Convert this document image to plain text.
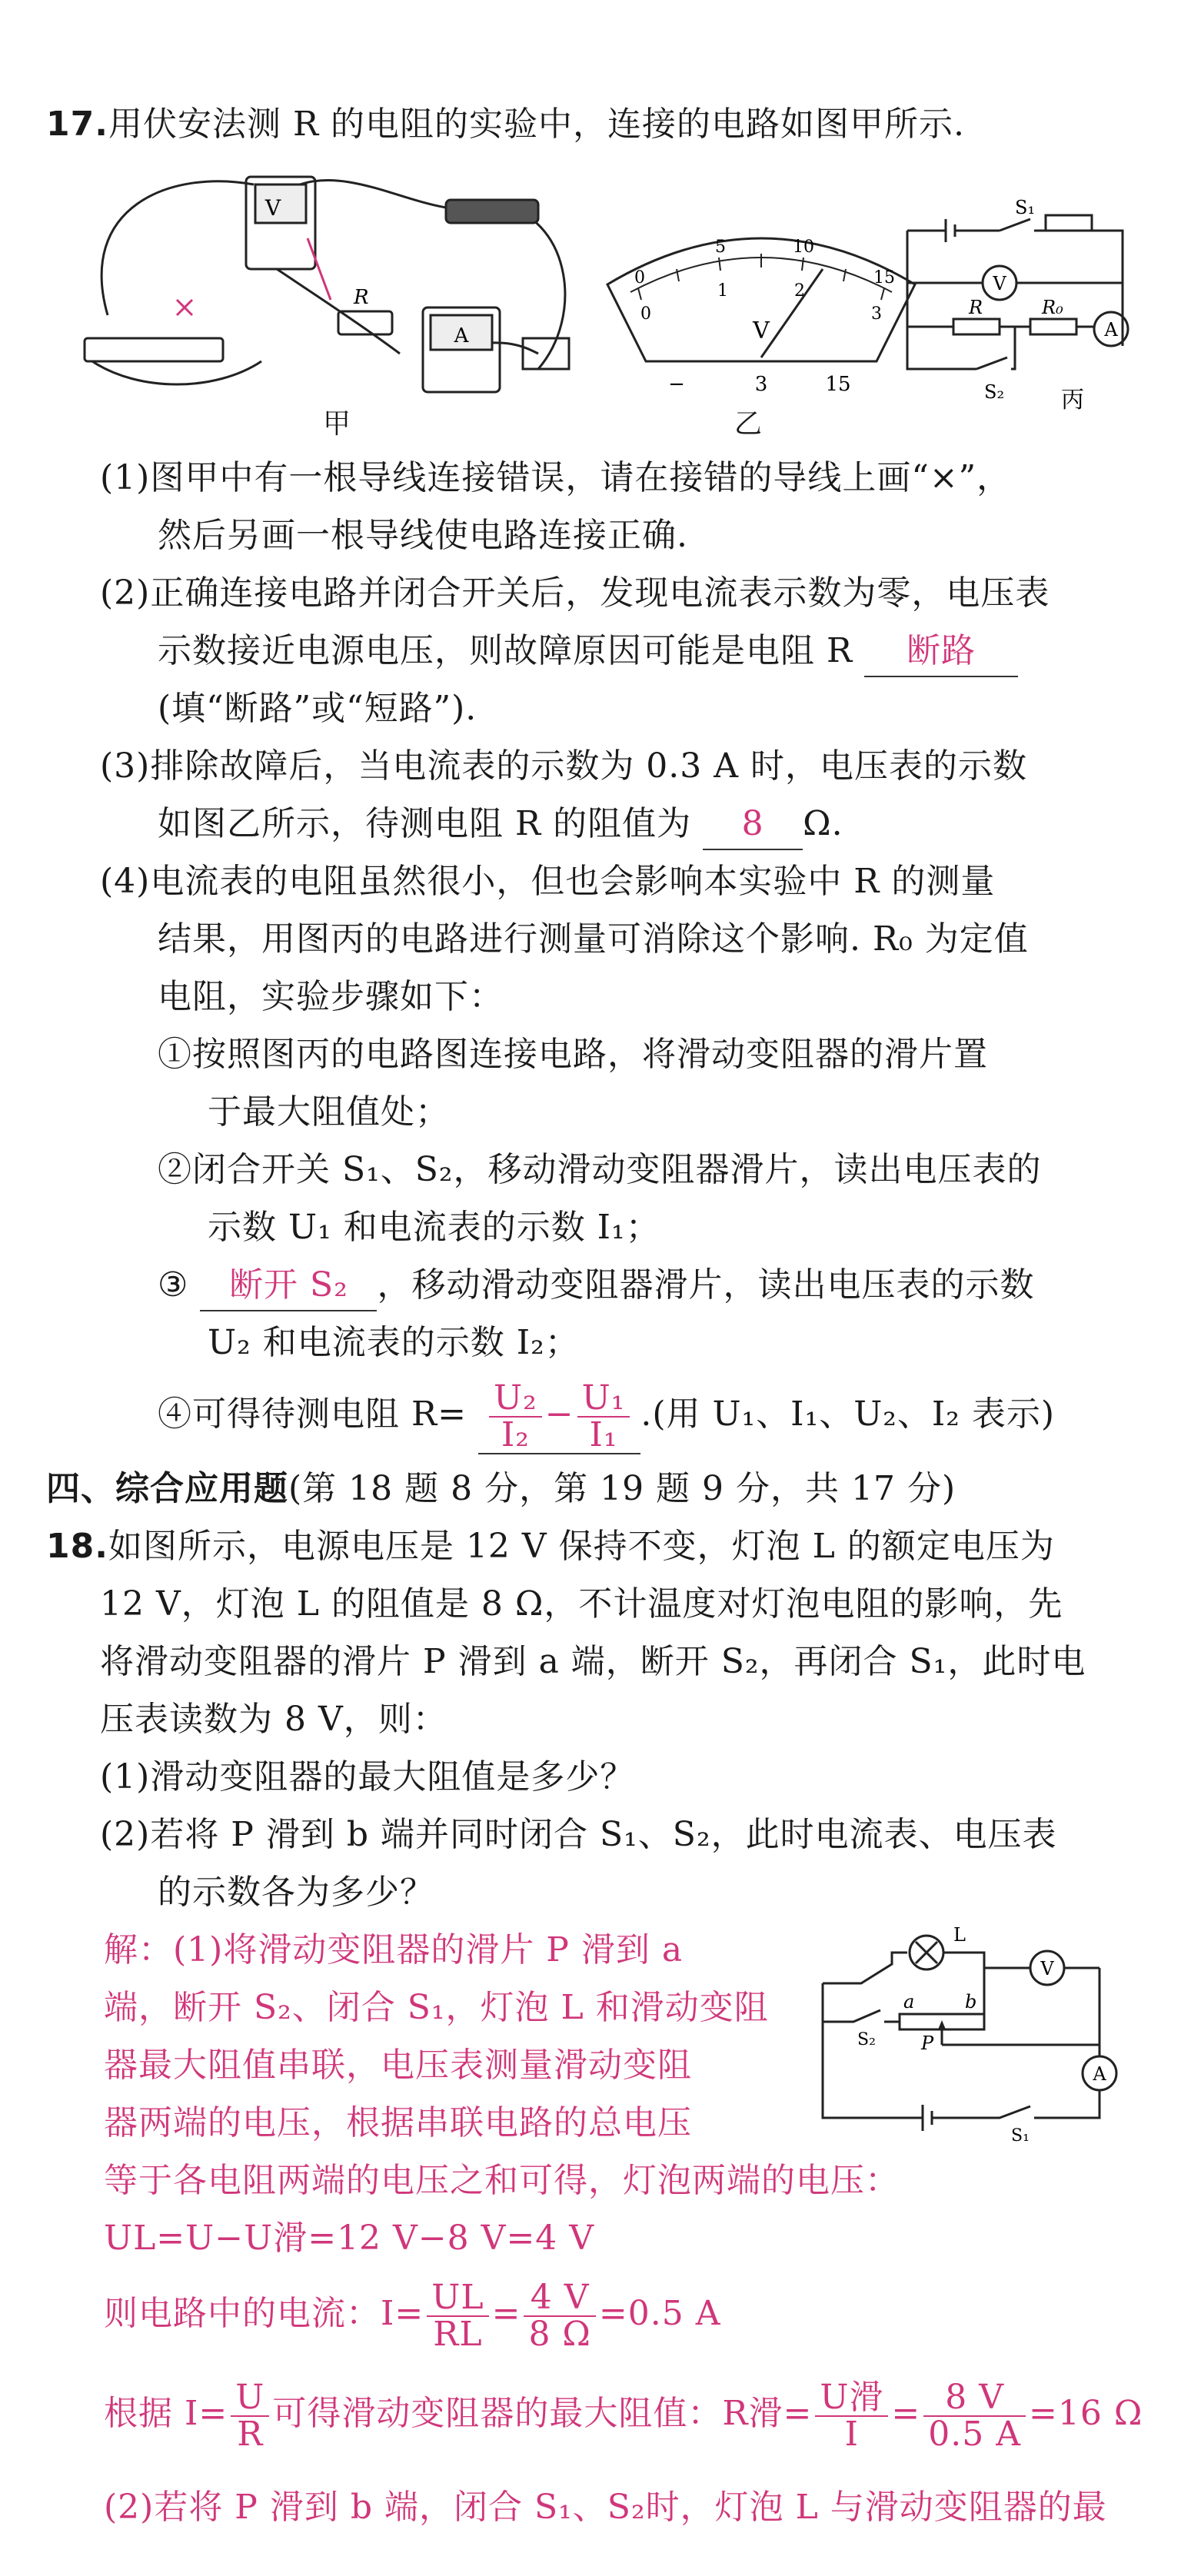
17.用伏安法测 R 的电阻的实验中，连接的电路如图甲所示.
V
A
R
甲
0
5	10
15
0
1	2
3
V
−	3	15
乙
S₁
V
R	R₀
A
S₂ 丙
(1)图甲中有一根导线连接错误，请在接错的导线上画“×”，
然后另画一根导线使电路连接正确.
(2)正确连接电路并闭合开关后，发现电流表示数为零，电压表
示数接近电源电压，则故障原因可能是电阻 R 断路
(填“断路”或“短路”).
(3)排除故障后，当电流表的示数为 0.3 A 时，电压表的示数
如图乙所示，待测电阻 R 的阻值为 8 Ω.
(4)电流表的电阻虽然很小，但也会影响本实验中 R 的测量
结果，用图丙的电路进行测量可消除这个影响. R₀ 为定值
电阻，实验步骤如下：
①按照图丙的电路图连接电路，将滑动变阻器的滑片置
于最大阻值处；
②闭合开关 S₁、S₂，移动滑动变阻器滑片，读出电压表的
示数 U₁ 和电流表的示数 I₁；
③ 断开 S₂ ，移动滑动变阻器滑片，读出电压表的示数
U₂ 和电流表的示数 I₂；
④可得待测电阻 $R= \frac{\text{U₂}}{\text{I₂}} - \frac{\text{U₁}}{\text{I₁}}$ .(用 U₁、I₁、U₂、I₂ 表示)
四、综合应用题(第 18 题 8 分，第 19 题 9 分，共 17 分)
18.如图所示，电源电压是 12 V 保持不变，灯泡 L 的额定电压为
12 V，灯泡 L 的阻值是 8 Ω，不计温度对灯泡电阻的影响，先
将滑动变阻器的滑片 P 滑到 a 端，断开 S₂，再闭合 S₁，此时电
压表读数为 8 V，则：
(1)滑动变阻器的最大阻值是多少？
(2)若将 P 滑到 b 端并同时闭合 S₁、S₂，此时电流表、电压表
的示数各为多少？
L
V
a	b
P
S₂
A
S₁
解：(1)将滑动变阻器的滑片 P 滑到 a
端，断开 S₂、闭合 S₁，灯泡 L 和滑动变阻
器最大阻值串联，电压表测量滑动变阻
器两端的电压，根据串联电路的总电压
等于各电阻两端的电压之和可得，灯泡两端的电压：
UL=U−U滑=12 V−8 V=4 V
则电路中的电流：$I= \frac{UL}{RL} = \frac{4 V}{8 \Omega} =0.5$ A
根据 $I= \frac{U}{R}$ 可得滑动变阻器的最大阻值：R滑= $\frac{\text{U滑}}{I} = \frac{8 V}{0.5 A} =16$ Ω
(2)若将 P 滑到 b 端，闭合 S₁、S₂时，灯泡 L 与滑动变阻器的最
